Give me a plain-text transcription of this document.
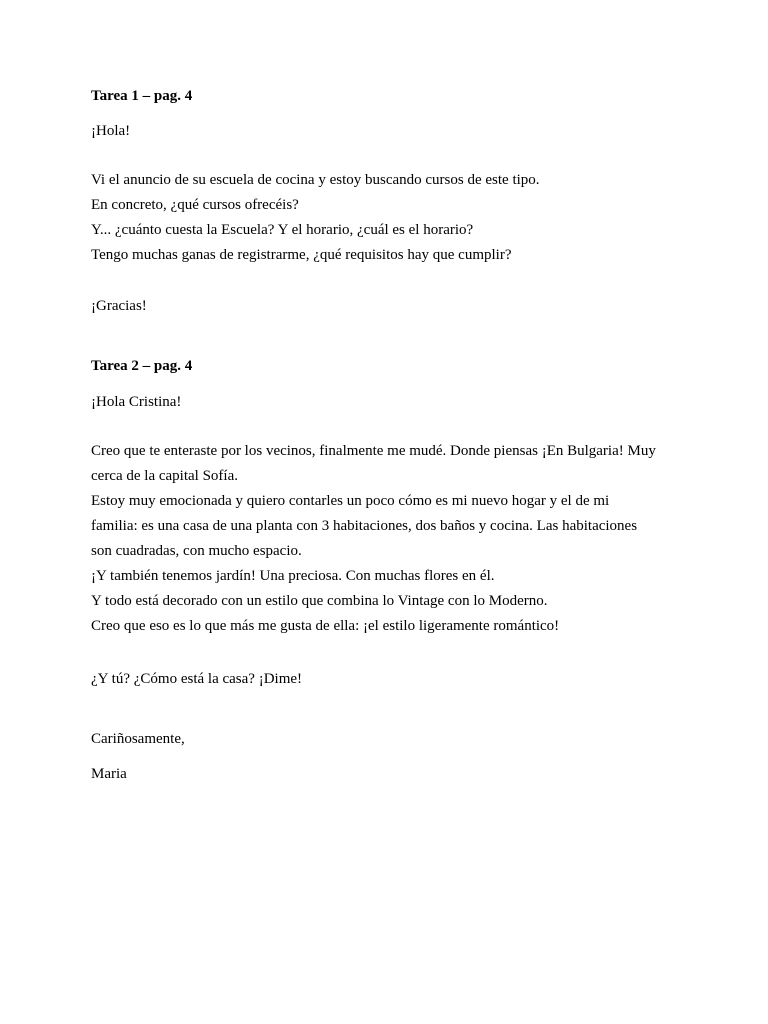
Tarea 1 – pag. 4
¡Hola!
Vi el anuncio de su escuela de cocina y estoy buscando cursos de este tipo.
En concreto, ¿qué cursos ofrecéis?
Y... ¿cuánto cuesta la Escuela? Y el horario, ¿cuál es el horario?
Tengo muchas ganas de registrarme, ¿qué requisitos hay que cumplir?
¡Gracias!
Tarea 2 – pag. 4
¡Hola Cristina!
Creo que te enteraste por los vecinos, finalmente me mudé. Donde piensas ¡En Bulgaria! Muy
cerca de la capital Sofía.
Estoy muy emocionada y quiero contarles un poco cómo es mi nuevo hogar y el de mi
familia: es una casa de una planta con 3 habitaciones, dos baños y cocina. Las habitaciones
son cuadradas, con mucho espacio.
¡Y también tenemos jardín! Una preciosa. Con muchas flores en él.
Y todo está decorado con un estilo que combina lo Vintage con lo Moderno.
Creo que eso es lo que más me gusta de ella: ¡el estilo ligeramente romántico!
¿Y tú? ¿Cómo está la casa? ¡Dime!
Cariñosamente,
Maria
